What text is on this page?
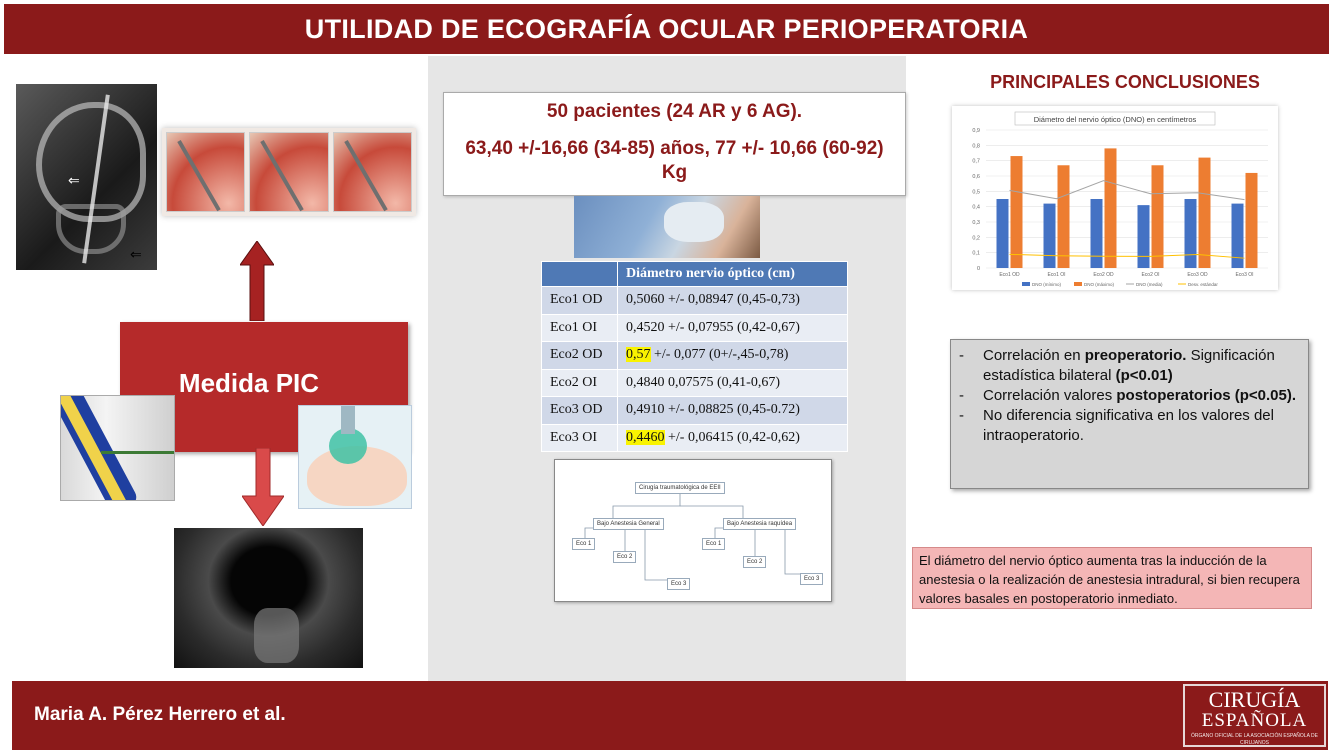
UTILIDAD DE ECOGRAFÍA OCULAR PERIOPERATORIA
⇐
⇐
Medida PIC
50 pacientes (24 AR y 6 AG).
63,40 +/-16,66 (34-85) años, 77 +/- 10,66 (60-92) Kg
	Diámetro nervio óptico (cm)
Eco1 OD	0,5060 +/- 0,08947 (0,45-0,73)
Eco1 OI	0,4520 +/- 0,07955 (0,42-0,67)
Eco2 OD	0,57 +/- 0,077 (0+/-,45-0,78)
Eco2 OI	0,4840 0,07575 (0,41-0,67)
Eco3 OD	0,4910 +/- 0,08825 (0,45-0.72)
Eco3 OI	0,4460 +/- 0,06415 (0,42-0,62)
Cirugía traumatológica de EEII
Bajo Anestesia General	Bajo Anestesia raquídea
Eco 1
Eco 2
Eco 3
Eco 1
Eco 2
Eco 3
PRINCIPALES CONCLUSIONES
Diámetro del nervio óptico (DNO) en centímetros
0
0,1
0,2
0,3
0,4
0,5
0,6
0,7
0,8
0,9
Eco1 OD	Eco1 OI	Eco2 OD	Eco2 OI	Eco3 OD	Eco3 OI
DNO (mínimo)	DNO (máximo)	DNO (media)	Desv. estándar
- Correlación en preoperatorio. Significación estadística bilateral (p<0.01)
- Correlación valores postoperatorios (p<0.05).
- No diferencia significativa en los valores del intraoperatorio.
El diámetro del nervio óptico aumenta tras la inducción de la anestesia o la realización de anestesia intradural, si bien recupera valores basales en postoperatorio inmediato.
Maria A. Pérez Herrero et al.
CIRUGÍA
ESPAÑOLA
ÓRGANO OFICIAL DE LA ASOCIACIÓN ESPAÑOLA DE CIRUJANOS
